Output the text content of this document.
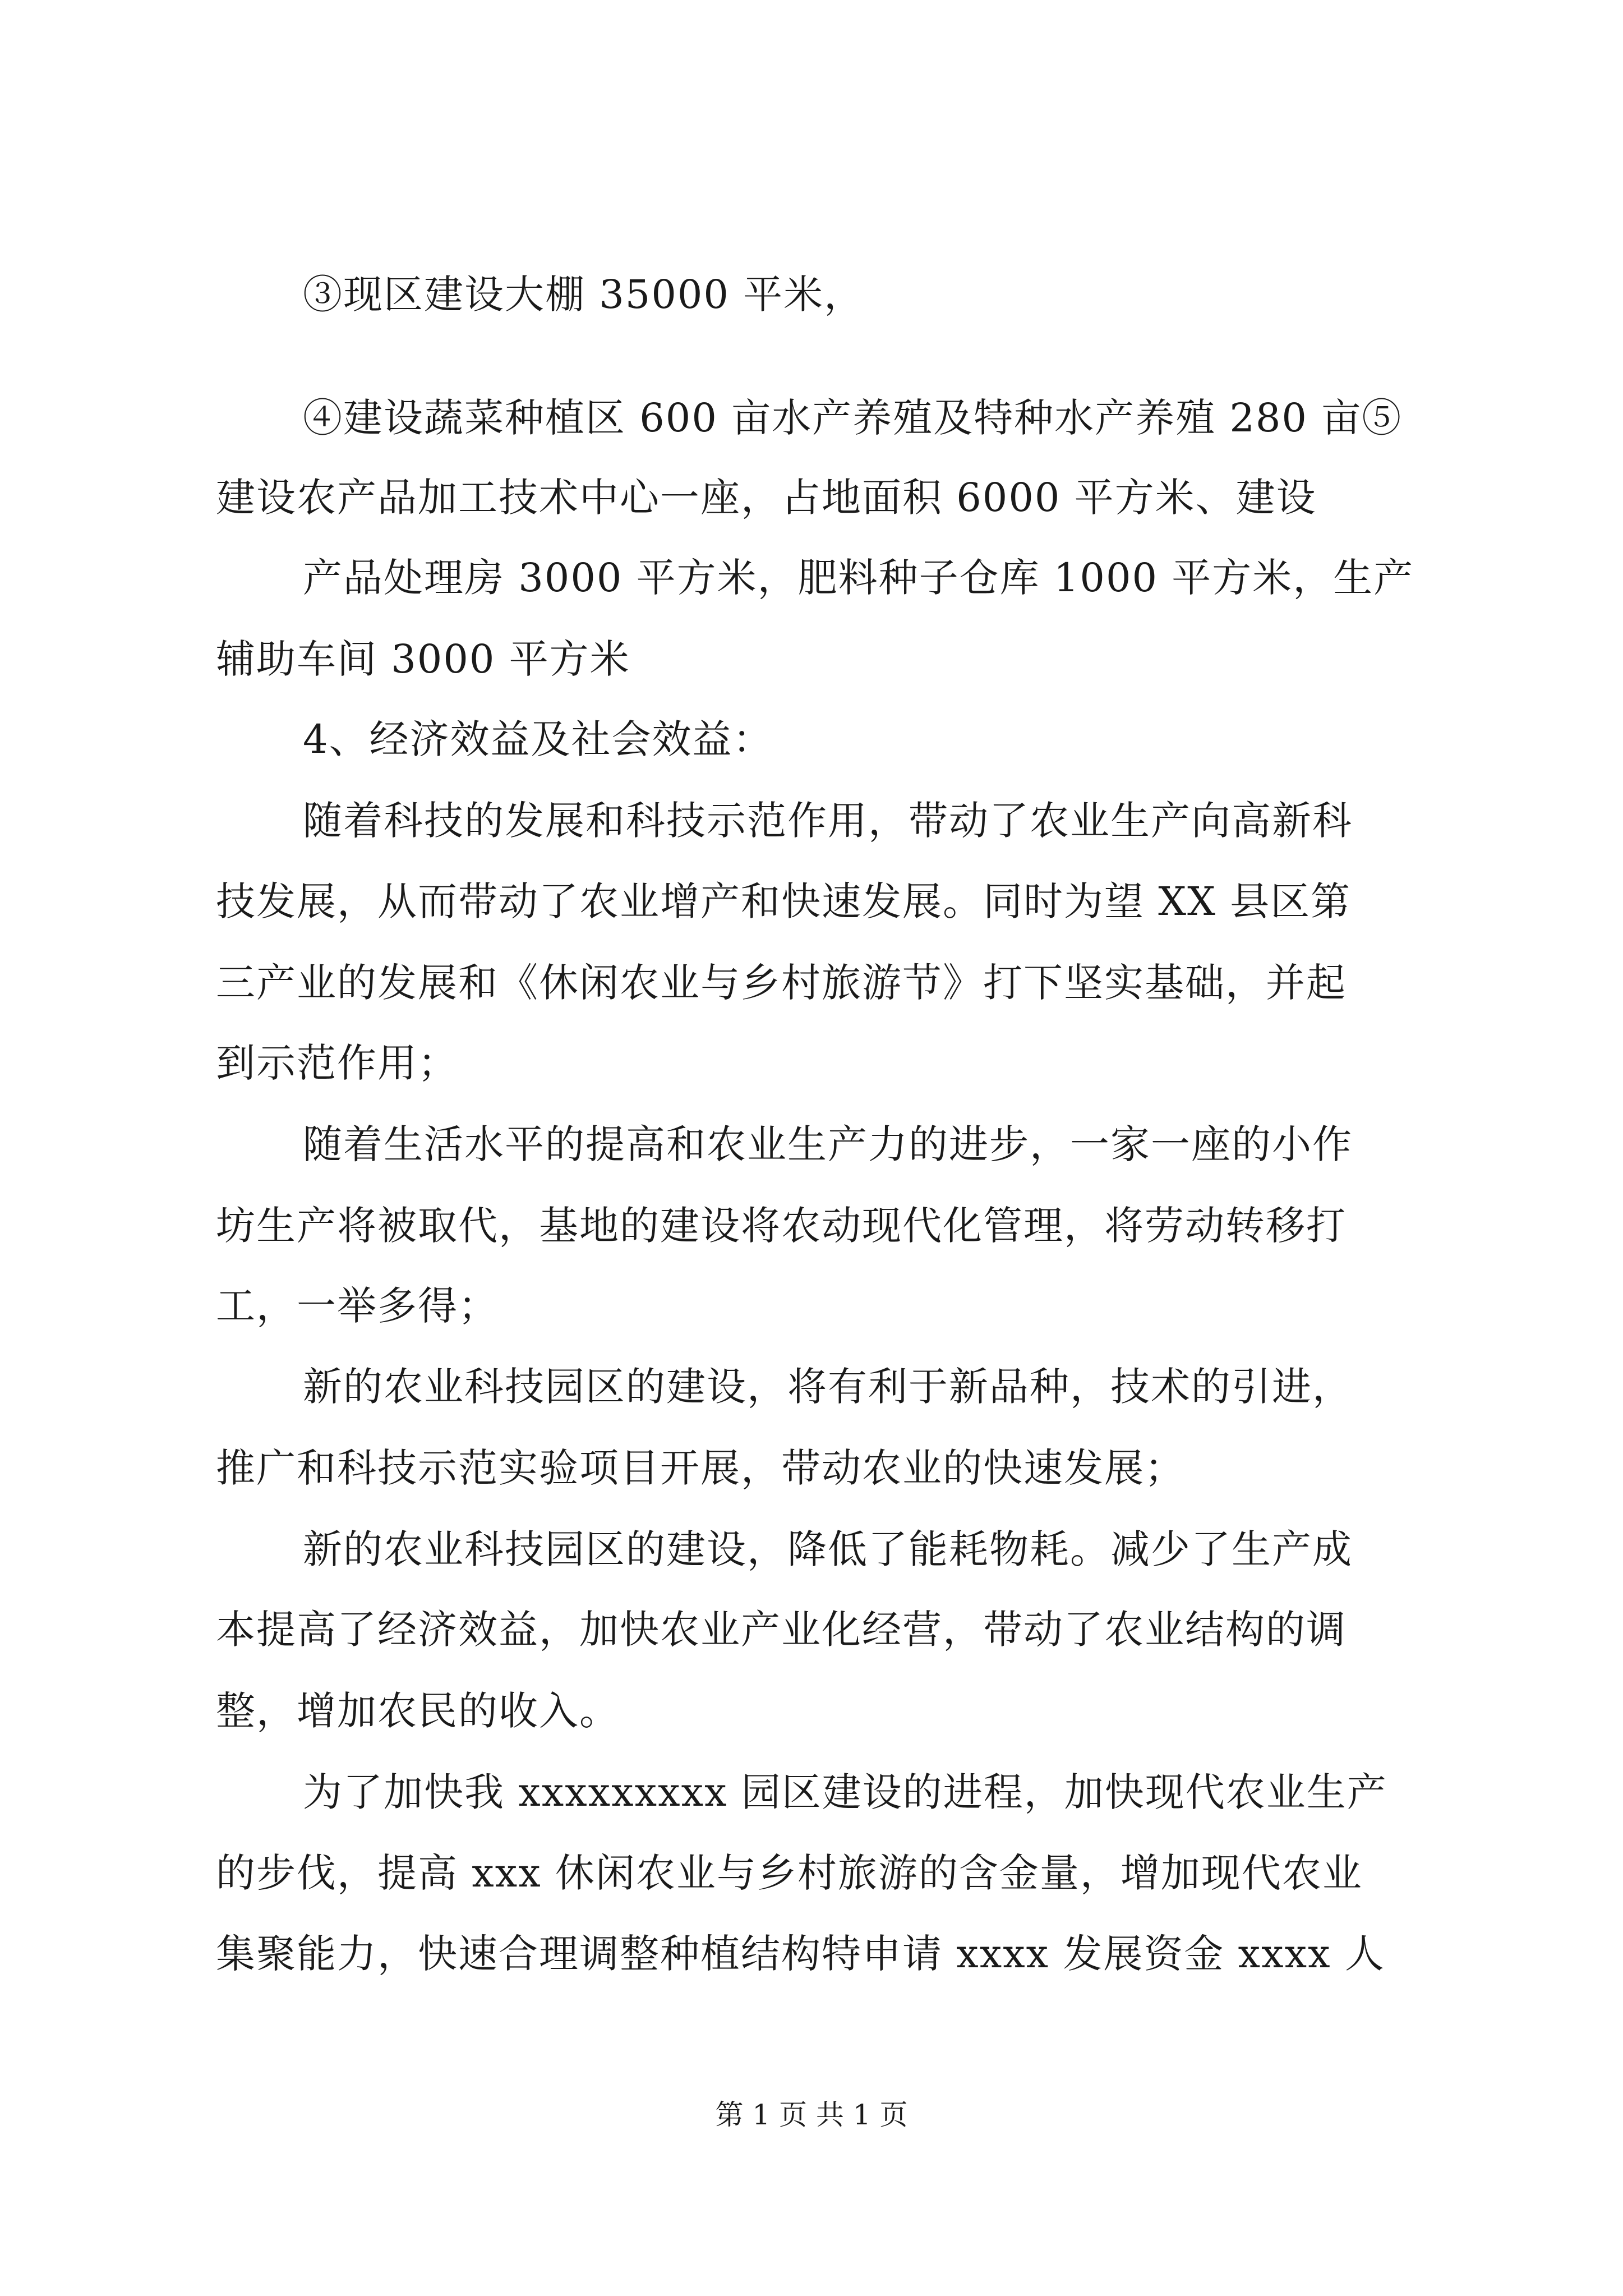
③现区建设大棚 35000 平米，
④建设蔬菜种植区 600 亩水产养殖及特种水产养殖 280 亩⑤
建设农产品加工技术中心一座，占地面积 6000 平方米、建设
产品处理房 3000 平方米，肥料种子仓库 1000 平方米，生产
辅助车间 3000 平方米
4、经济效益及社会效益：
随着科技的发展和科技示范作用，带动了农业生产向高新科
技发展，从而带动了农业增产和快速发展。同时为望 XX 县区第
三产业的发展和《休闲农业与乡村旅游节》打下坚实基础，并起
到示范作用；
随着生活水平的提高和农业生产力的进步，一家一座的小作
坊生产将被取代，基地的建设将农动现代化管理，将劳动转移打
工，一举多得；
新的农业科技园区的建设，将有利于新品种，技术的引进，
推广和科技示范实验项目开展，带动农业的快速发展；
新的农业科技园区的建设，降低了能耗物耗。减少了生产成
本提高了经济效益，加快农业产业化经营，带动了农业结构的调
整，增加农民的收入。
为了加快我 xxxxxxxxx 园区建设的进程，加快现代农业生产
的步伐，提高 xxx 休闲农业与乡村旅游的含金量，增加现代农业
集聚能力，快速合理调整种植结构特申请 xxxx 发展资金 xxxx 人
第 1 页 共 1 页
